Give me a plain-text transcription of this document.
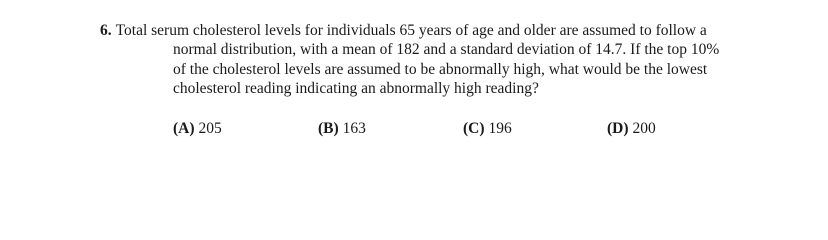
6. Total serum cholesterol levels for individuals 65 years of age and older are assumed to follow a
normal distribution, with a mean of 182 and a standard deviation of 14.7. If the top 10%
of the cholesterol levels are assumed to be abnormally high, what would be the lowest
cholesterol reading indicating an abnormally high reading?
(A) 205	(B) 163	(C) 196	(D) 200
